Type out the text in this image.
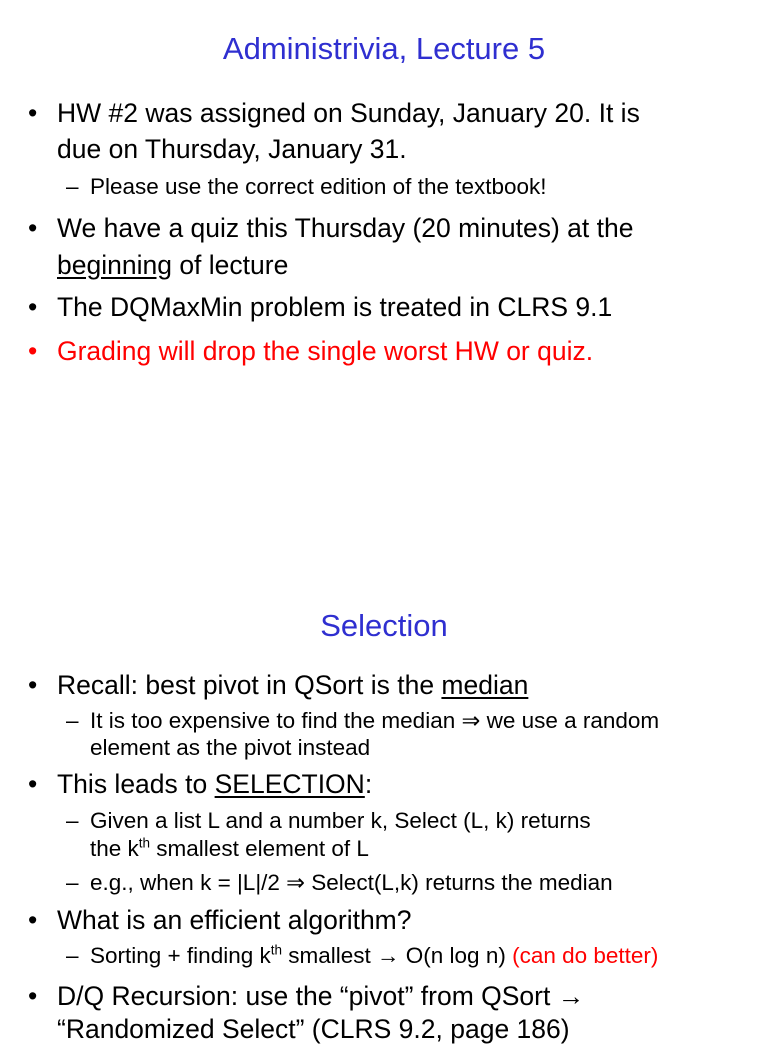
Administrivia, Lecture 5
• HW #2 was assigned on Sunday, January 20. It is
due on Thursday, January 31.
– Please use the correct edition of the textbook!
• We have a quiz this Thursday (20 minutes) at the
beginning of lecture
• The DQMaxMin problem is treated in CLRS 9.1
• Grading will drop the single worst HW or quiz.
Selection
• Recall: best pivot in QSort is the median
– It is too expensive to find the median ⇒ we use a random
element as the pivot instead
• This leads to SELECTION:
– Given a list L and a number k, Select (L, k) returns
the $k^{th}$ smallest element of L
– e.g., when k = |L|/2 ⇒ Select(L,k) returns the median
• What is an efficient algorithm?
– Sorting + finding $k^{th}$ smallest → O(n log n) (can do better)
• D/Q Recursion: use the “pivot” from QSort →
“Randomized Select” (CLRS 9.2, page 186)
